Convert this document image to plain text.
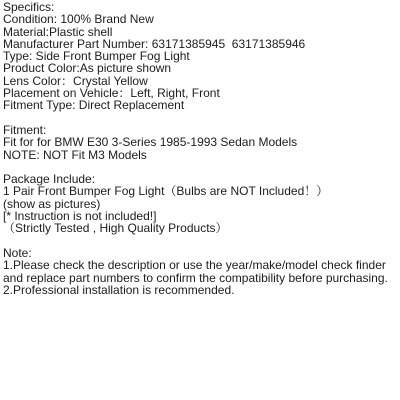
Specifics:
Condition: 100% Brand New
Material:Plastic shell
Manufacturer Part Number: 63171385945  63171385946
Type: Side Front Bumper Fog Light
Product Color:As picture shown
Lens Color：Crystal Yellow
Placement on Vehicle：Left, Right, Front
Fitment Type: Direct Replacement
Fitment:
Fit for for BMW E30 3-Series 1985-1993 Sedan Models
NOTE: NOT Fit M3 Models
Package Include:
1 Pair Front Bumper Fog Light（Bulbs are NOT Included！）
(show as pictures)
[* Instruction is not included!]
（Strictly Tested , High Quality Products）
Note:
1.Please check the description or use the year/make/model check finder and replace part numbers to confirm the compatibility before purchasing.
2.Professional installation is recommended.
